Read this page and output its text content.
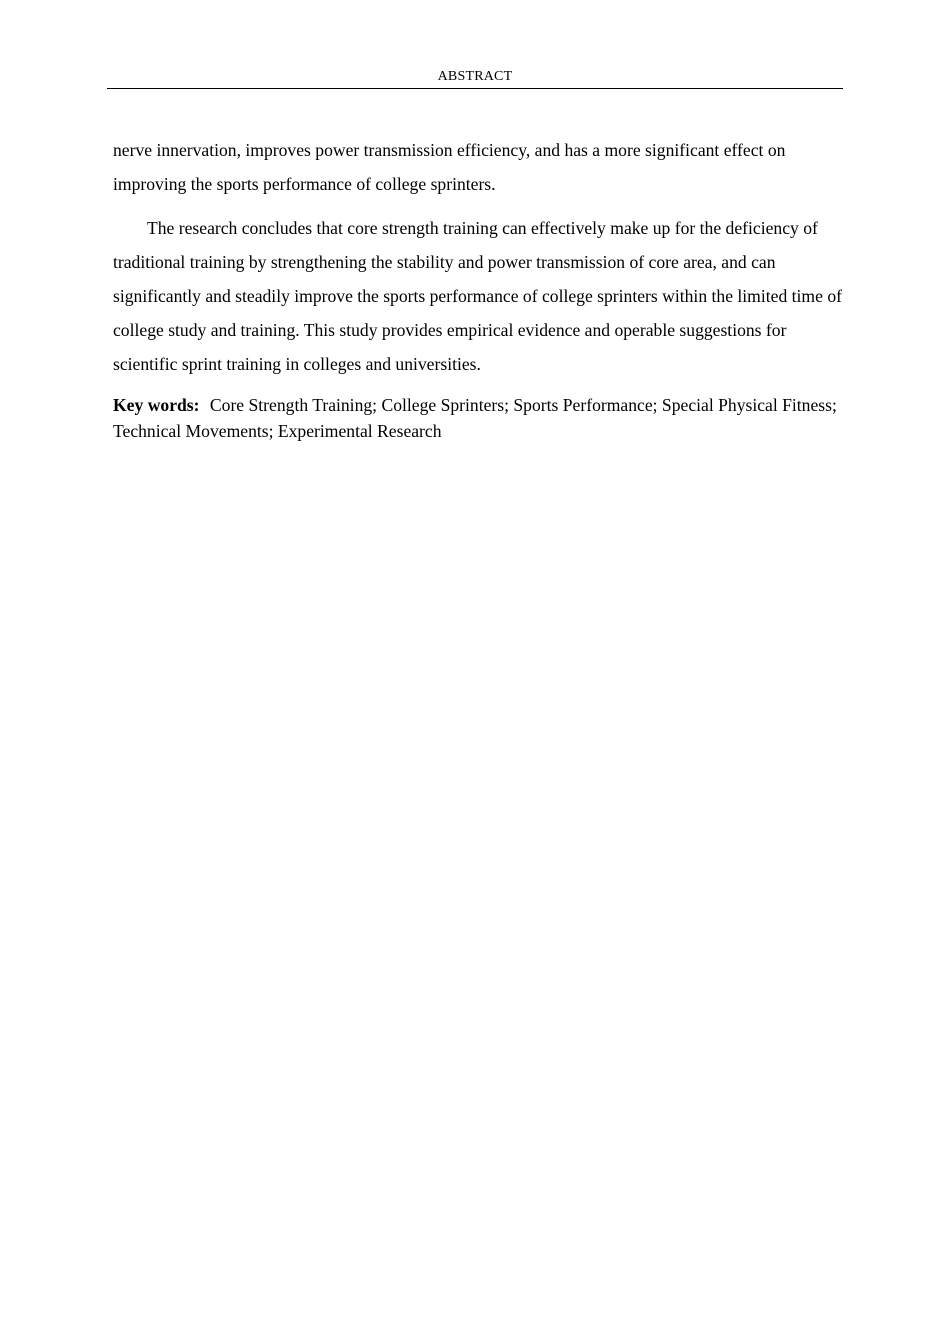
ABSTRACT

nerve innervation, improves power transmission efficiency, and has a more significant effect on improving the sports performance of college sprinters.

The research concludes that core strength training can effectively make up for the deficiency of traditional training by strengthening the stability and power transmission of core area, and can significantly and steadily improve the sports performance of college sprinters within the limited time of college study and training. This study provides empirical evidence and operable suggestions for scientific sprint training in colleges and universities.

Key words: Core Strength Training; College Sprinters; Sports Performance; Special Physical Fitness; Technical Movements; Experimental Research
